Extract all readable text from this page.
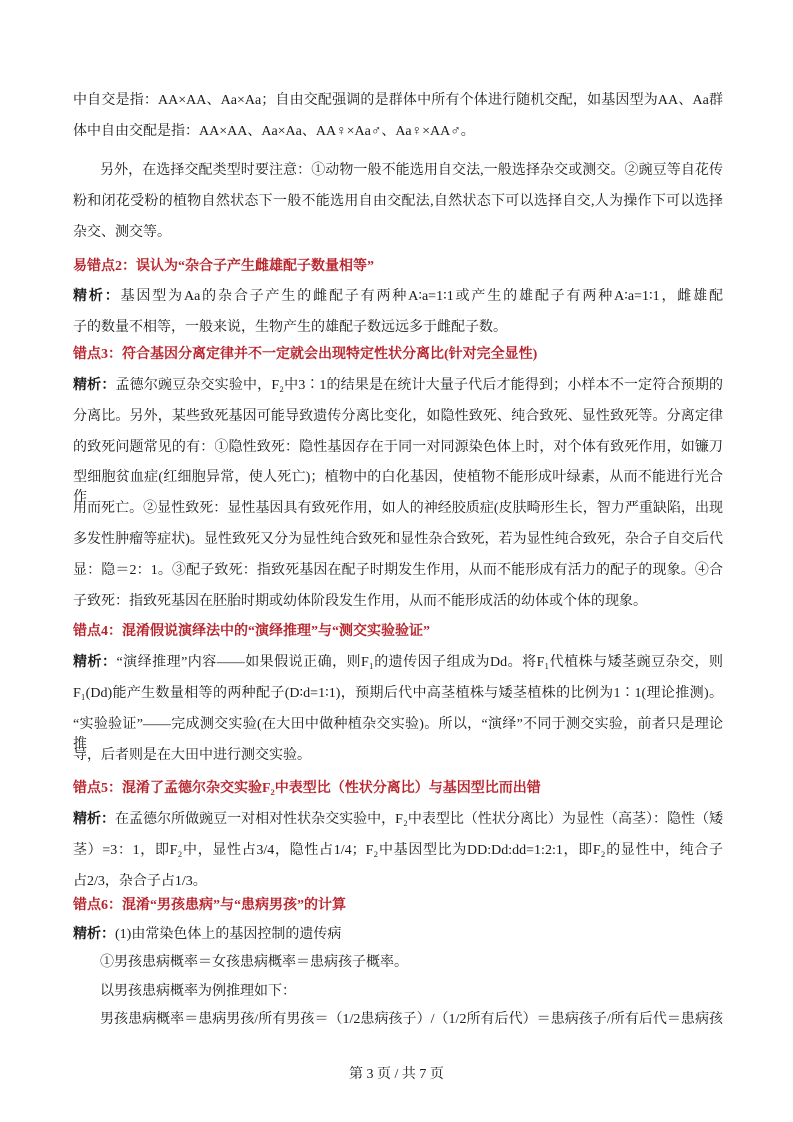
中自交是指：AA×AA、Aa×Aa；自由交配强调的是群体中所有个体进行随机交配，如基因型为AA、Aa群
体中自由交配是指：AA×AA、Aa×Aa、AA♀×Aa♂、Aa♀×AA♂。
另外，在选择交配类型时要注意：①动物一般不能选用自交法,一般选择杂交或测交。②豌豆等自花传
粉和闭花受粉的植物自然状态下一般不能选用自由交配法,自然状态下可以选择自交,人为操作下可以选择
杂交、测交等。
易错点2：误认为“杂合子产生雌雄配子数量相等”
精析：基因型为Aa的杂合子产生的雌配子有两种A∶a=1∶1或产生的雄配子有两种A∶a=1∶1，雌雄配
子的数量不相等，一般来说，生物产生的雄配子数远远多于雌配子数。
错点3：符合基因分离定律并不一定就会出现特定性状分离比(针对完全显性)
精析：孟德尔豌豆杂交实验中，F₂中3∶1的结果是在统计大量子代后才能得到；小样本不一定符合预期的
分离比。另外，某些致死基因可能导致遗传分离比变化，如隐性致死、纯合致死、显性致死等。分离定律
的致死问题常见的有：①隐性致死：隐性基因存在于同一对同源染色体上时，对个体有致死作用，如镰刀
型细胞贫血症(红细胞异常，使人死亡)；植物中的白化基因，使植物不能形成叶绿素，从而不能进行光合作
用而死亡。②显性致死：显性基因具有致死作用，如人的神经胶质症(皮肤畸形生长，智力严重缺陷，出现
多发性肿瘤等症状)。显性致死又分为显性纯合致死和显性杂合致死，若为显性纯合致死，杂合子自交后代
显：隐＝2：1。③配子致死：指致死基因在配子时期发生作用，从而不能形成有活力的配子的现象。④合
子致死：指致死基因在胚胎时期或幼体阶段发生作用，从而不能形成活的幼体或个体的现象。
错点4：混淆假说演绎法中的“演绎推理”与“测交实验验证”
精析：“演绎推理”内容——如果假说正确，则F₁的遗传因子组成为Dd。将F₁代植株与矮茎豌豆杂交，则
F₁(Dd)能产生数量相等的两种配子(D∶d=1∶1)，预期后代中高茎植株与矮茎植株的比例为1∶1(理论推测)。
“实验验证”——完成测交实验(在大田中做种植杂交实验)。所以，“演绎”不同于测交实验，前者只是理论推
导，后者则是在大田中进行测交实验。
错点5：混淆了孟德尔杂交实验F₂中表型比（性状分离比）与基因型比而出错
精析：在孟德尔所做豌豆一对相对性状杂交实验中，F₂中表型比（性状分离比）为显性（高茎）：隐性（矮
茎）=3：1，即F₂中，显性占3/4，隐性占1/4；F₂中基因型比为DD:Dd:dd=1:2:1，即F₂的显性中，纯合子
占2/3，杂合子占1/3。
错点6：混淆“男孩患病”与“患病男孩”的计算
精析：(1)由常染色体上的基因控制的遗传病
①男孩患病概率＝女孩患病概率＝患病孩子概率。
以男孩患病概率为例推理如下：
男孩患病概率＝患病男孩/所有男孩＝（1/2患病孩子）/（1/2所有后代）＝患病孩子/所有后代＝患病孩
第 3 页 / 共 7 页
